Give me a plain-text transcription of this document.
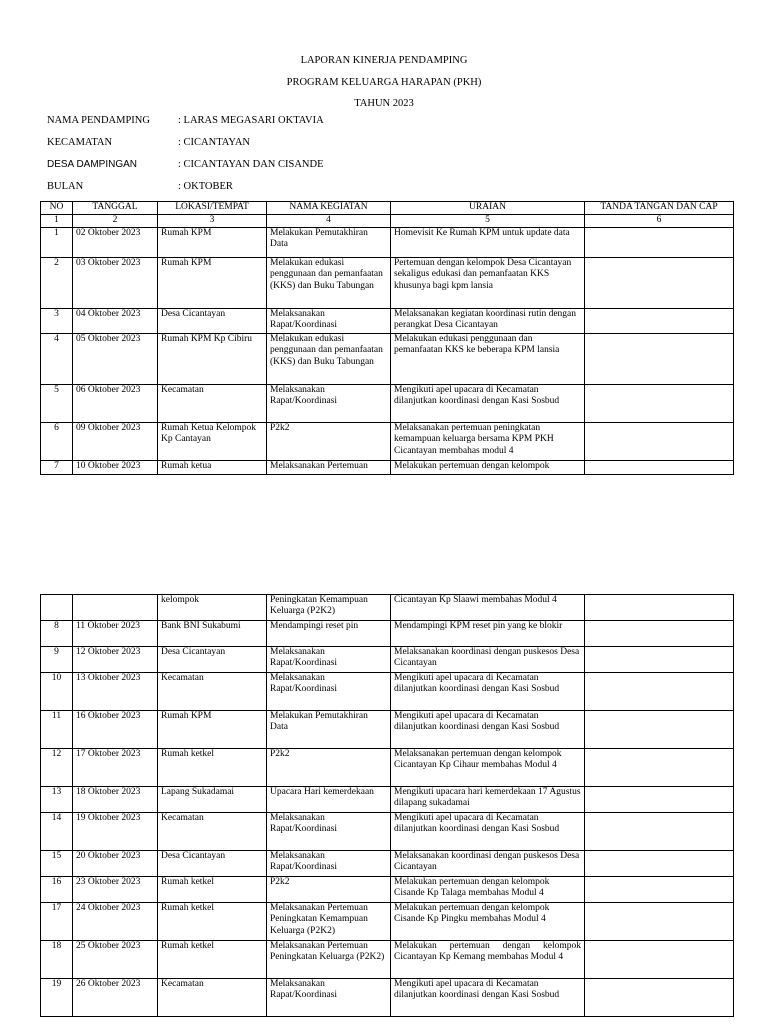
LAPORAN KINERJA PENDAMPING
PROGRAM KELUARGA HARAPAN (PKH)
TAHUN 2023
NAMA PENDAMPING	: LARAS MEGASARI OKTAVIA
KECAMATAN	: CICANTAYAN
DESA DAMPINGAN	: CICANTAYAN DAN CISANDE
BULAN	: OKTOBER
NO	TANGGAL	LOKASI/TEMPAT	NAMA KEGIATAN	URAIAN	TANDA TANGAN DAN CAP
1	2	3	4	5	6
1	02 Oktober 2023	Rumah KPM	Melakukan Pemutakhiran Data	Homevisit Ke Rumah KPM untuk update data	
2	03 Oktober 2023	Rumah KPM	Melakukan edukasi penggunaan dan pemanfaatan (KKS) dan Buku Tabungan	Pertemuan dengan kelompok Desa Cicantayan sekaligus edukasi dan pemanfaatan KKS khusunya bagi kpm lansia	
3	04 Oktober 2023	Desa Cicantayan	Melaksanakan Rapat/Koordinasi	Melaksanakan kegiatan koordinasi rutin dengan perangkat Desa Cicantayan	
4	05 Oktober 2023	Rumah KPM Kp Cibiru	Melakukan edukasi penggunaan dan pemanfaatan (KKS) dan Buku Tabungan	Melakukan edukasi penggunaan dan pemanfaatan KKS ke beberapa KPM lansia	
5	06 Oktober 2023	Kecamatan	Melaksanakan Rapat/Koordinasi	Mengikuti apel upacara di Kecamatan dilanjutkan koordinasi dengan Kasi Sosbud	
6	09 Oktober 2023	Rumah Ketua Kelompok Kp Cantayan	P2k2	Melaksanakan pertemuan peningkatan kemampuan keluarga bersama KPM PKH Cicantayan membahas modul 4	
7	10 Oktober 2023	Rumah ketua	Melaksanakan Pertemuan	Melakukan pertemuan dengan kelompok	
		kelompok	Peningkatan Kemampuan Keluarga (P2K2)	Cicantayan Kp Slaawi membahas Modul 4	
8	11 Oktober 2023	Bank BNI Sukabumi	Mendampingi reset pin	Mendampingi KPM reset pin yang ke blokir	
9	12 Oktober 2023	Desa Cicantayan	Melaksanakan Rapat/Koordinasi	Melaksanakan koordinasi dengan puskesos Desa Cicantayan	
10	13 Oktober 2023	Kecamatan	Melaksanakan Rapat/Koordinasi	Mengikuti apel upacara di Kecamatan dilanjutkan koordinasi dengan Kasi Sosbud	
11	16 Oktober 2023	Rumah KPM	Melakukan Pemutakhiran Data	Mengikuti apel upacara di Kecamatan dilanjutkan koordinasi dengan Kasi Sosbud	
12	17 Oktober 2023	Rumah ketkel	P2k2	Melaksanakan pertemuan dengan kelompok Cicantayan Kp Cihaur membahas Modul 4	
13	18 Oktober 2023	Lapang Sukadamai	Upacara Hari kemerdekaan	Mengikuti upacara hari kemerdekaan 17 Agustus dilapang sukadamai	
14	19 Oktober 2023	Kecamatan	Melaksanakan Rapat/Koordinasi	Mengikuti apel upacara di Kecamatan dilanjutkan koordinasi dengan Kasi Sosbud	
15	20 Oktober 2023	Desa Cicantayan	Melaksanakan Rapat/Koordinasi	Melaksanakan koordinasi dengan puskesos Desa Cicantayan	
16	23 Oktober 2023	Rumah ketkel	P2k2	Melakukan pertemuan dengan kelompok Cisande Kp Talaga membahas Modul 4	
17	24 Oktober 2023	Rumah ketkel	Melaksanakan Pertemuan Peningkatan Kemampuan Keluarga (P2K2)	Melakukan pertemuan dengan kelompok Cisande Kp Pingku membahas Modul 4	
18	25 Oktober 2023	Rumah ketkel	Melaksanakan Pertemuan Peningkatan Keluarga (P2K2)	Melakukan pertemuan dengan kelompok Cicantayan Kp Kemang membahas Modul 4	
19	26 Oktober 2023	Kecamatan	Melaksanakan Rapat/Koordinasi	Mengikuti apel upacara di Kecamatan dilanjutkan koordinasi dengan Kasi Sosbud	
